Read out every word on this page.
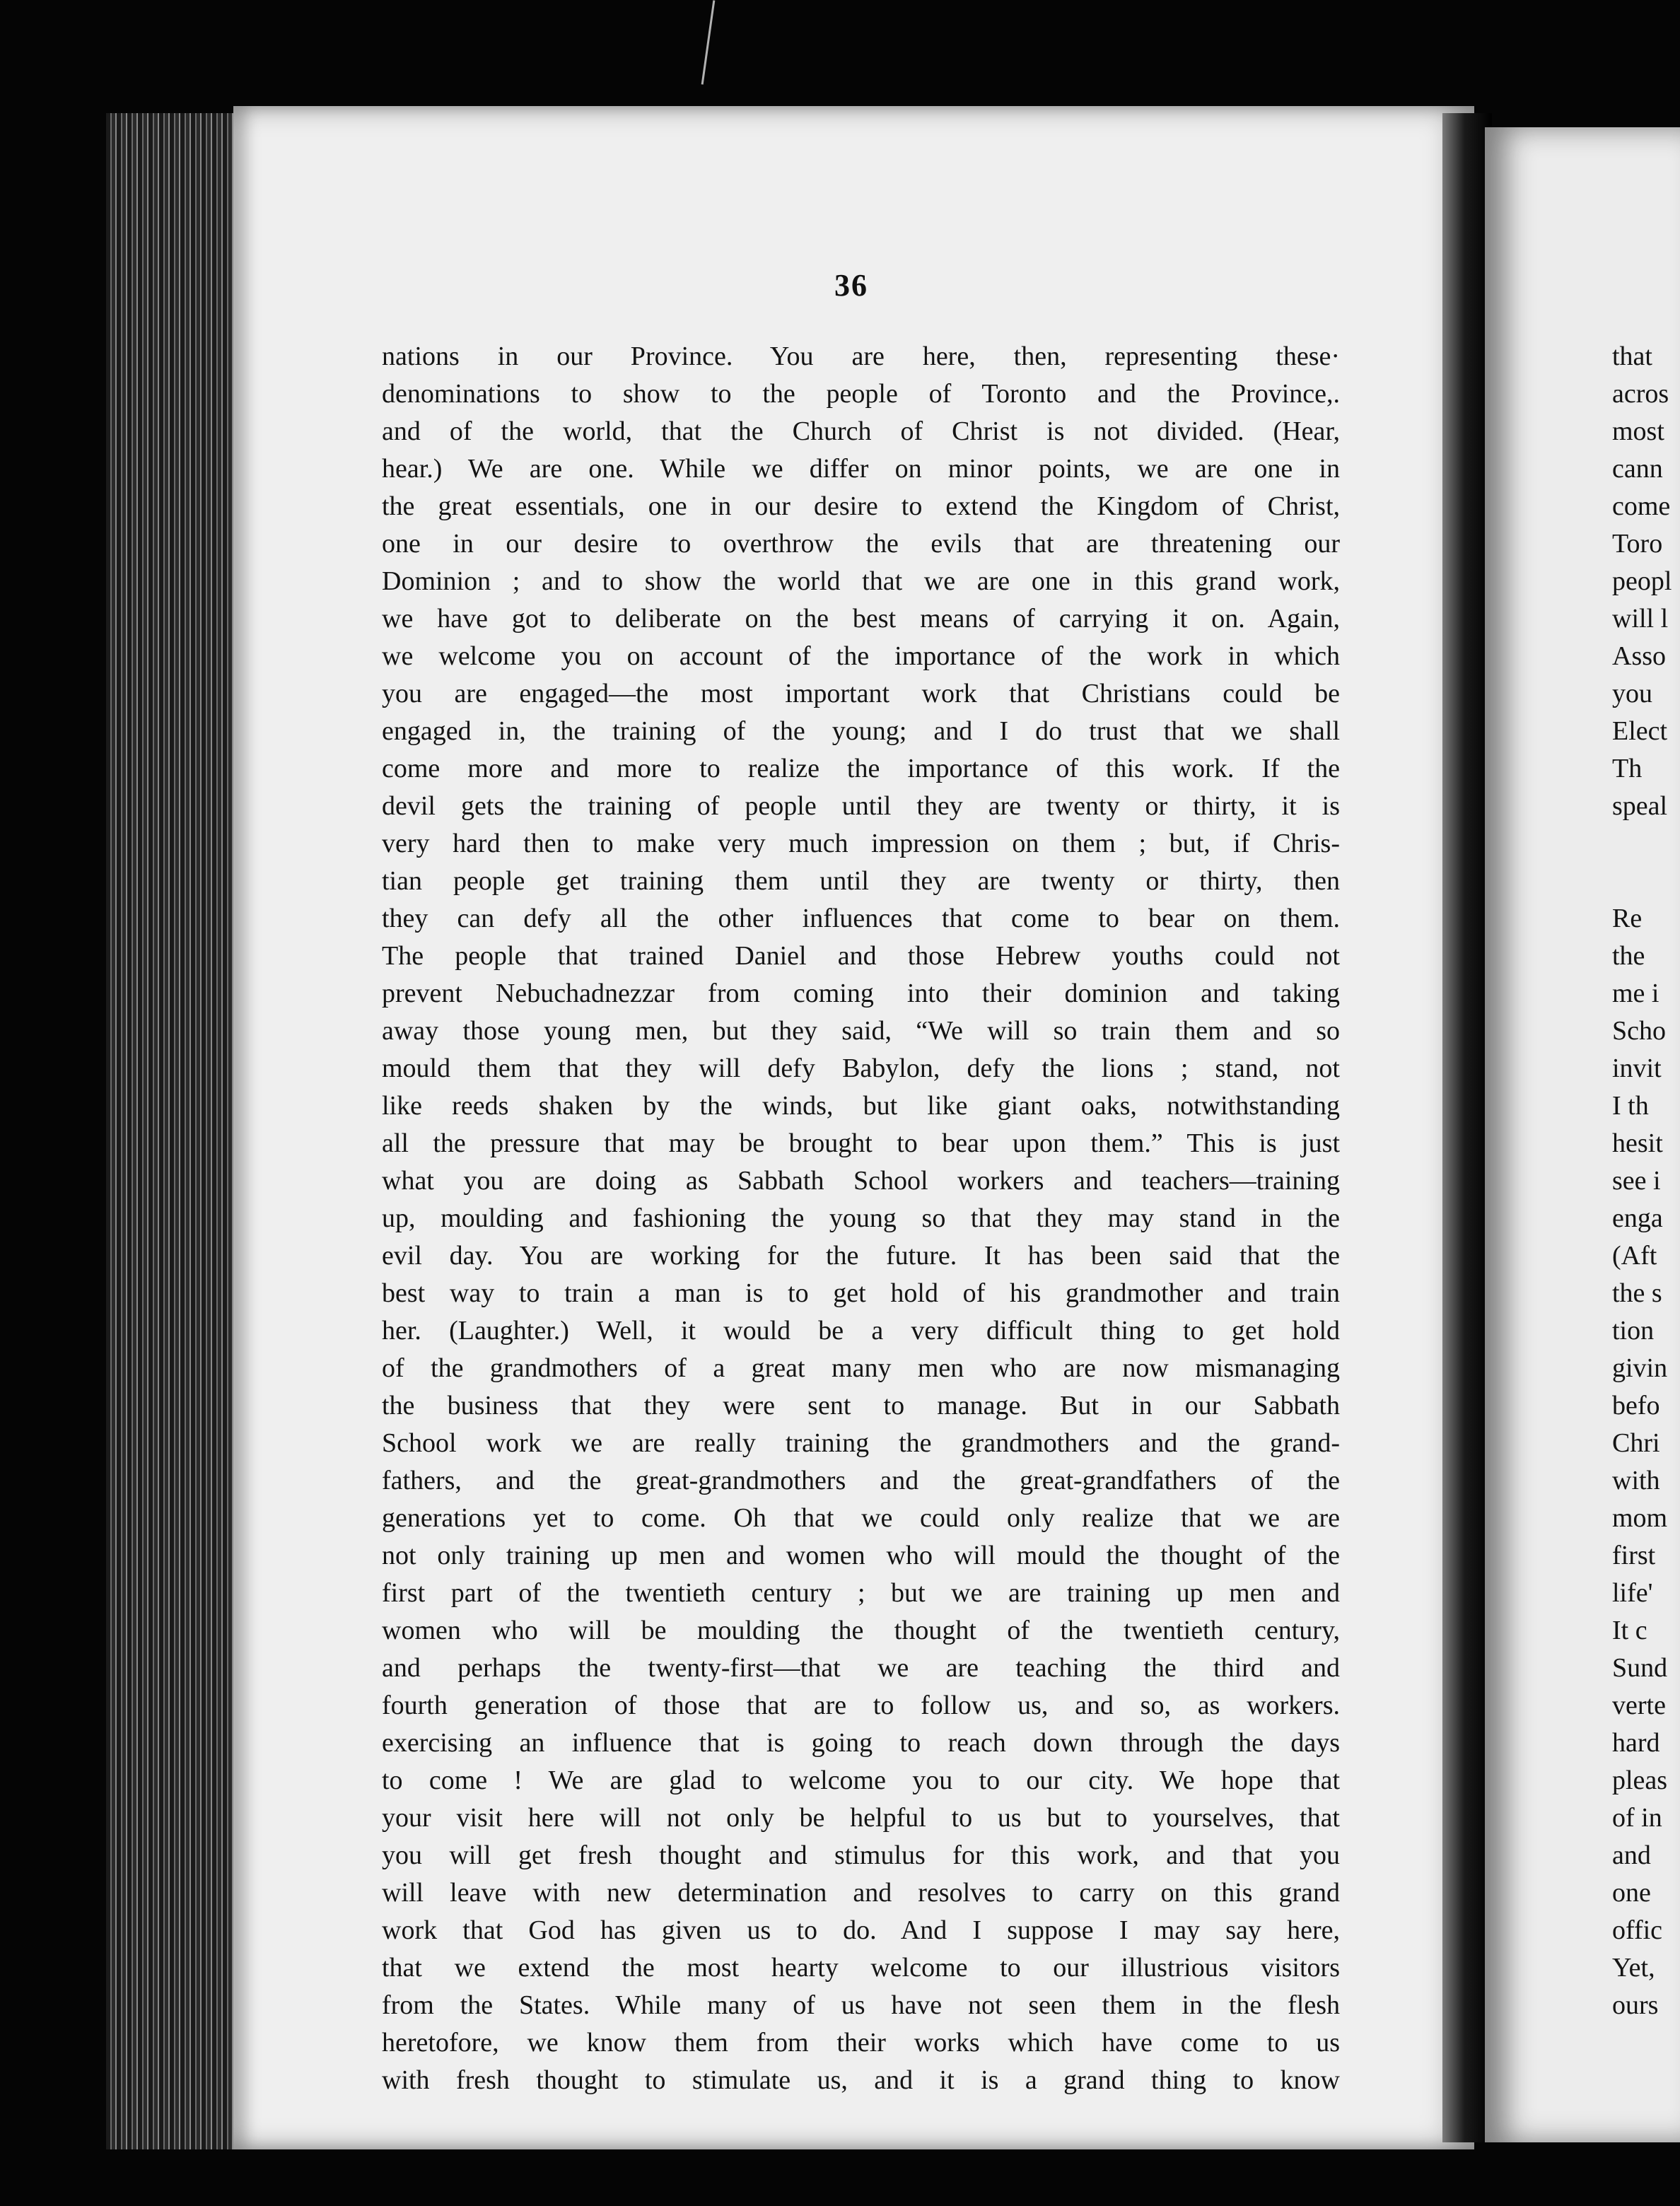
36
nations in our Province. You are here, then, representing these·
denominations to show to the people of Toronto and the Province,.
and of the world, that the Church of Christ is not divided. (Hear,
hear.) We are one. While we differ on minor points, we are one in
the great essentials, one in our desire to extend the Kingdom of Christ,
one in our desire to overthrow the evils that are threatening our
Dominion ; and to show the world that we are one in this grand work,
we have got to deliberate on the best means of carrying it on. Again,
we welcome you on account of the importance of the work in which
you are engaged—the most important work that Christians could be
engaged in, the training of the young; and I do trust that we shall
come more and more to realize the importance of this work. If the
devil gets the training of people until they are twenty or thirty, it is
very hard then to make very much impression on them ; but, if Chris-
tian people get training them until they are twenty or thirty, then
they can defy all the other influences that come to bear on them.
The people that trained Daniel and those Hebrew youths could not
prevent Nebuchadnezzar from coming into their dominion and taking
away those young men, but they said, “We will so train them and so
mould them that they will defy Babylon, defy the lions ; stand, not
like reeds shaken by the winds, but like giant oaks, notwithstanding
all the pressure that may be brought to bear upon them.” This is just
what you are doing as Sabbath School workers and teachers—training
up, moulding and fashioning the young so that they may stand in the
evil day. You are working for the future. It has been said that the
best way to train a man is to get hold of his grandmother and train
her. (Laughter.) Well, it would be a very difficult thing to get hold
of the grandmothers of a great many men who are now mismanaging
the business that they were sent to manage. But in our Sabbath
School work we are really training the grandmothers and the grand-
fathers, and the great-grandmothers and the great-grandfathers of the
generations yet to come. Oh that we could only realize that we are
not only training up men and women who will mould the thought of the
first part of the twentieth century ; but we are training up men and
women who will be moulding the thought of the twentieth century,
and perhaps the twenty-first—that we are teaching the third and
fourth generation of those that are to follow us, and so, as workers.
exercising an influence that is going to reach down through the days
to come ! We are glad to welcome you to our city. We hope that
your visit here will not only be helpful to us but to yourselves, that
you will get fresh thought and stimulus for this work, and that you
will leave with new determination and resolves to carry on this grand
work that God has given us to do. And I suppose I may say here,
that we extend the most hearty welcome to our illustrious visitors
from the States. While many of us have not seen them in the flesh
heretofore, we know them from their works which have come to us
with fresh thought to stimulate us, and it is a grand thing to know
that
acros
most
cann
come
Toro
peopl
will l
Asso
you
Elect
Th
speal
Re
the
me i
Scho
invit
I th
hesit
see i
enga
(Aft
the s
tion
givin
befo
Chri
with
mom
first
life'
It c
Sund
verte
hard
pleas
of in
and
one
offic
Yet,
ours
